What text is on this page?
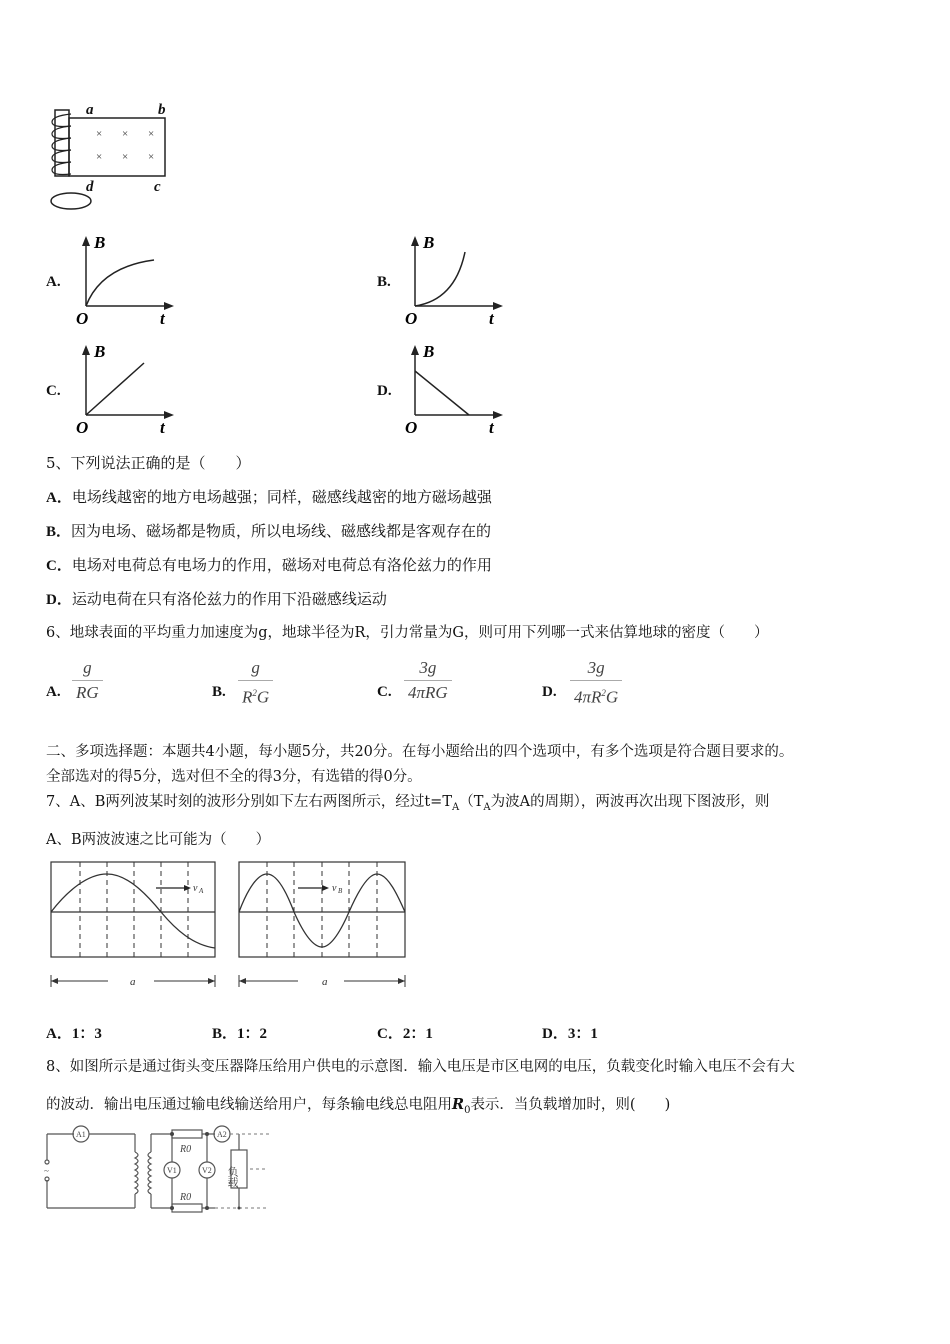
× × ×
× × ×
a	b
d	c
A.
B
O	t
B.
B
O	t
C.
B
O	t
D.
B
O	t
5、下列说法正确的是（　　）
A．电场线越密的地方电场越强；同样，磁感线越密的地方磁场越强
B．因为电场、磁场都是物质，所以电场线、磁感线都是客观存在的
C．电场对电荷总有电场力的作用，磁场对电荷总有洛伦兹力的作用
D．运动电荷在只有洛伦兹力的作用下沿磁感线运动
6、地球表面的平均重力加速度为g，地球半径为R，引力常量为G，则可用下列哪一式来估算地球的密度（　　）
A.
g
RG	B.
g
$R^2G$	C.
3g
4πRG	D.
3g
$4\pi R^2G$
二、多项选择题：本题共4小题，每小题5分，共20分。在每小题给出的四个选项中，有多个选项是符合题目要求的。
全部选对的得5分，选对但不全的得3分，有选错的得0分。
7、A、B两列波某时刻的波形分别如下左右两图所示，经过$t=T_A(T_A$为波A的周期），两波再次出现下图波形，则
A、B两波波速之比可能为（　　）
v A
a
v B
a
A．1：3	B．1：2	C．2：1	D．3：1
8、如图所示是通过街头变压器降压给用户供电的示意图．输入电压是市区电网的电压，负载变化时输入电压不会有大
的波动．输出电压通过输电线输送给用户，每条输电线总电阻用$R_0$表示．当负载增加时，则(　　)
A1	A2
V1	V2
R0
R0
~	负载
